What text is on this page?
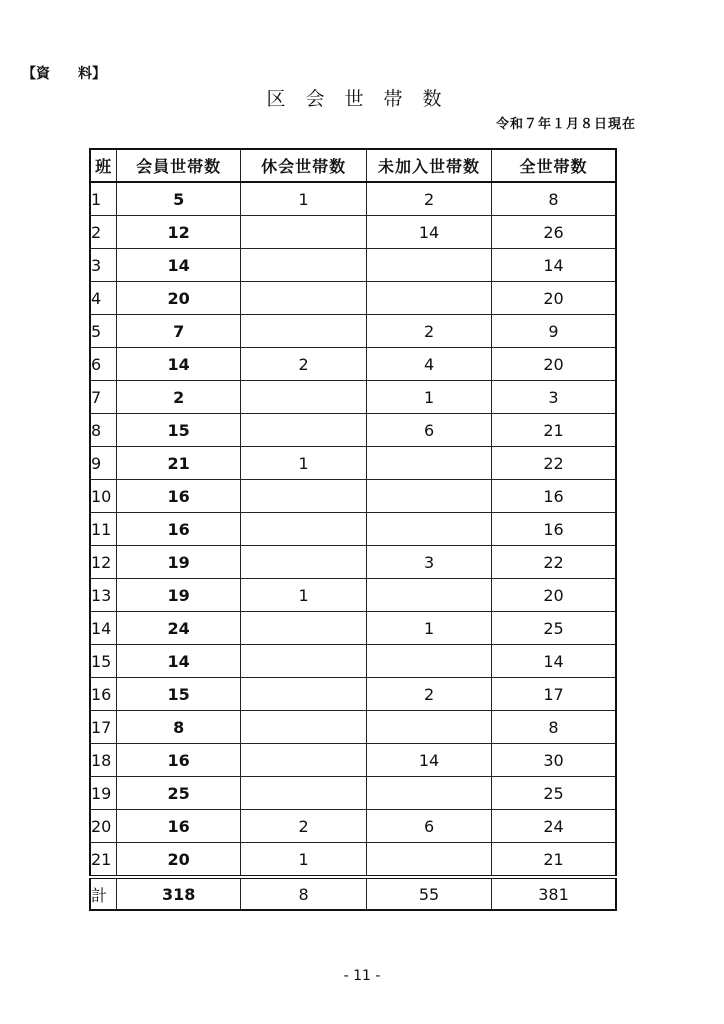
【資　　料】
区会世帯数
令和７年１月８日現在
班	会員世帯数	休会世帯数	未加入世帯数	全世帯数
1	5	1	2	8
2	12		14	26
3	14			14
4	20			20
5	7		2	9
6	14	2	4	20
7	2		1	3
8	15		6	21
9	21	1		22
10	16			16
11	16			16
12	19		3	22
13	19	1		20
14	24		1	25
15	14			14
16	15		2	17
17	8			8
18	16		14	30
19	25			25
20	16	2	6	24
21	20	1		21
計	318	8	55	381
- 11 -
